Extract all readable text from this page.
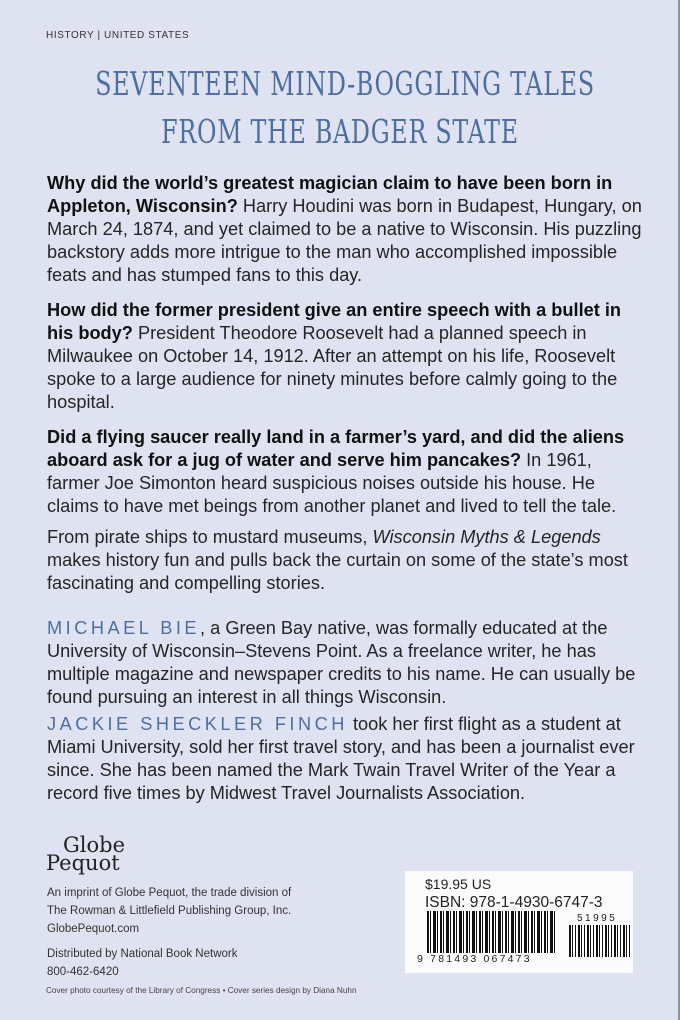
HISTORY | UNITED STATES
SEVENTEEN MIND-BOGGLING TALES
FROM THE BADGER STATE

Why did the world’s greatest magician claim to have been born in Appleton, Wisconsin? Harry Houdini was born in Budapest, Hungary, on March 24, 1874, and yet claimed to be a native to Wisconsin. His puzzling backstory adds more intrigue to the man who accomplished impossible feats and has stumped fans to this day.

How did the former president give an entire speech with a bullet in his body? President Theodore Roosevelt had a planned speech in Milwaukee on October 14, 1912. After an attempt on his life, Roosevelt spoke to a large audience for ninety minutes before calmly going to the hospital.

Did a flying saucer really land in a farmer’s yard, and did the aliens aboard ask for a jug of water and serve him pancakes? In 1961, farmer Joe Simonton heard suspicious noises outside his house. He claims to have met beings from another planet and lived to tell the tale.

From pirate ships to mustard museums, Wisconsin Myths & Legends makes history fun and pulls back the curtain on some of the state’s most fascinating and compelling stories.

MICHAEL BIE, a Green Bay native, was formally educated at the University of Wisconsin–Stevens Point. As a freelance writer, he has multiple magazine and newspaper credits to his name. He can usually be found pursuing an interest in all things Wisconsin.

JACKIE SHECKLER FINCH took her first flight as a student at Miami University, sold her first travel story, and has been a journalist ever since. She has been named the Mark Twain Travel Writer of the Year a record five times by Midwest Travel Journalists Association.

Globe
Pequot

An imprint of Globe Pequot, the trade division of
The Rowman & Littlefield Publishing Group, Inc.
GlobePequot.com

Distributed by National Book Network
800-462-6420

Cover photo courtesy of the Library of Congress • Cover series design by Diana Nuhn
$19.95 US
ISBN: 978-1-4930-6747-3
51995
9 781493 067473
